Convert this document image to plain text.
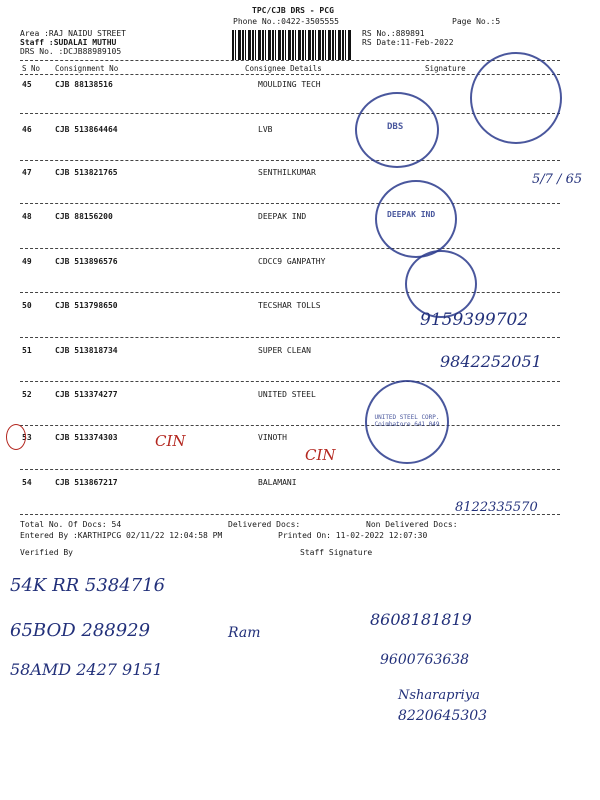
TPC/CJB DRS - PCG
Phone No.:0422-3505555	Page No.:5
Area :RAJ NAIDU STREET
Staff :SUDALAI MUTHU
DRS No. :DCJB88989105
RS No.:889891
RS Date:11-Feb-2022
S No Consignment No	Consignee Details	Signature
45	CJB 88138516	MOULDING TECH
46	CJB 513864464	LVB
47	CJB 513821765	SENTHILKUMAR
48	CJB 88156200	DEEPAK IND
49	CJB 513896576	CDCC9 GANPATHY
50	CJB 513798650	TECSHAR TOLLS
51	CJB 513818734	SUPER CLEAN
52	CJB 513374277	UNITED STEEL
53	CJB 513374303	VINOTH
54	CJB 513867217	BALAMANI
Total No. Of Docs: 54	Delivered Docs:	Non Delivered Docs:
Entered By :KARTHIPCG 02/11/22 12:04:58 PM	Printed On: 11-02-2022 12:07:30
Verified By	Staff Signature
DBS
DEEPAK IND
UNITED STEEL CORP. Coimbatore 641 049
5/7 / 65
9159399702
9842252051
8122335570
CIN
CIN
54K RR 5384716
65BOD 288929	Ram
8608181819
58AMD 2427 9151	9600763638
Nsharapriya
8220645303
